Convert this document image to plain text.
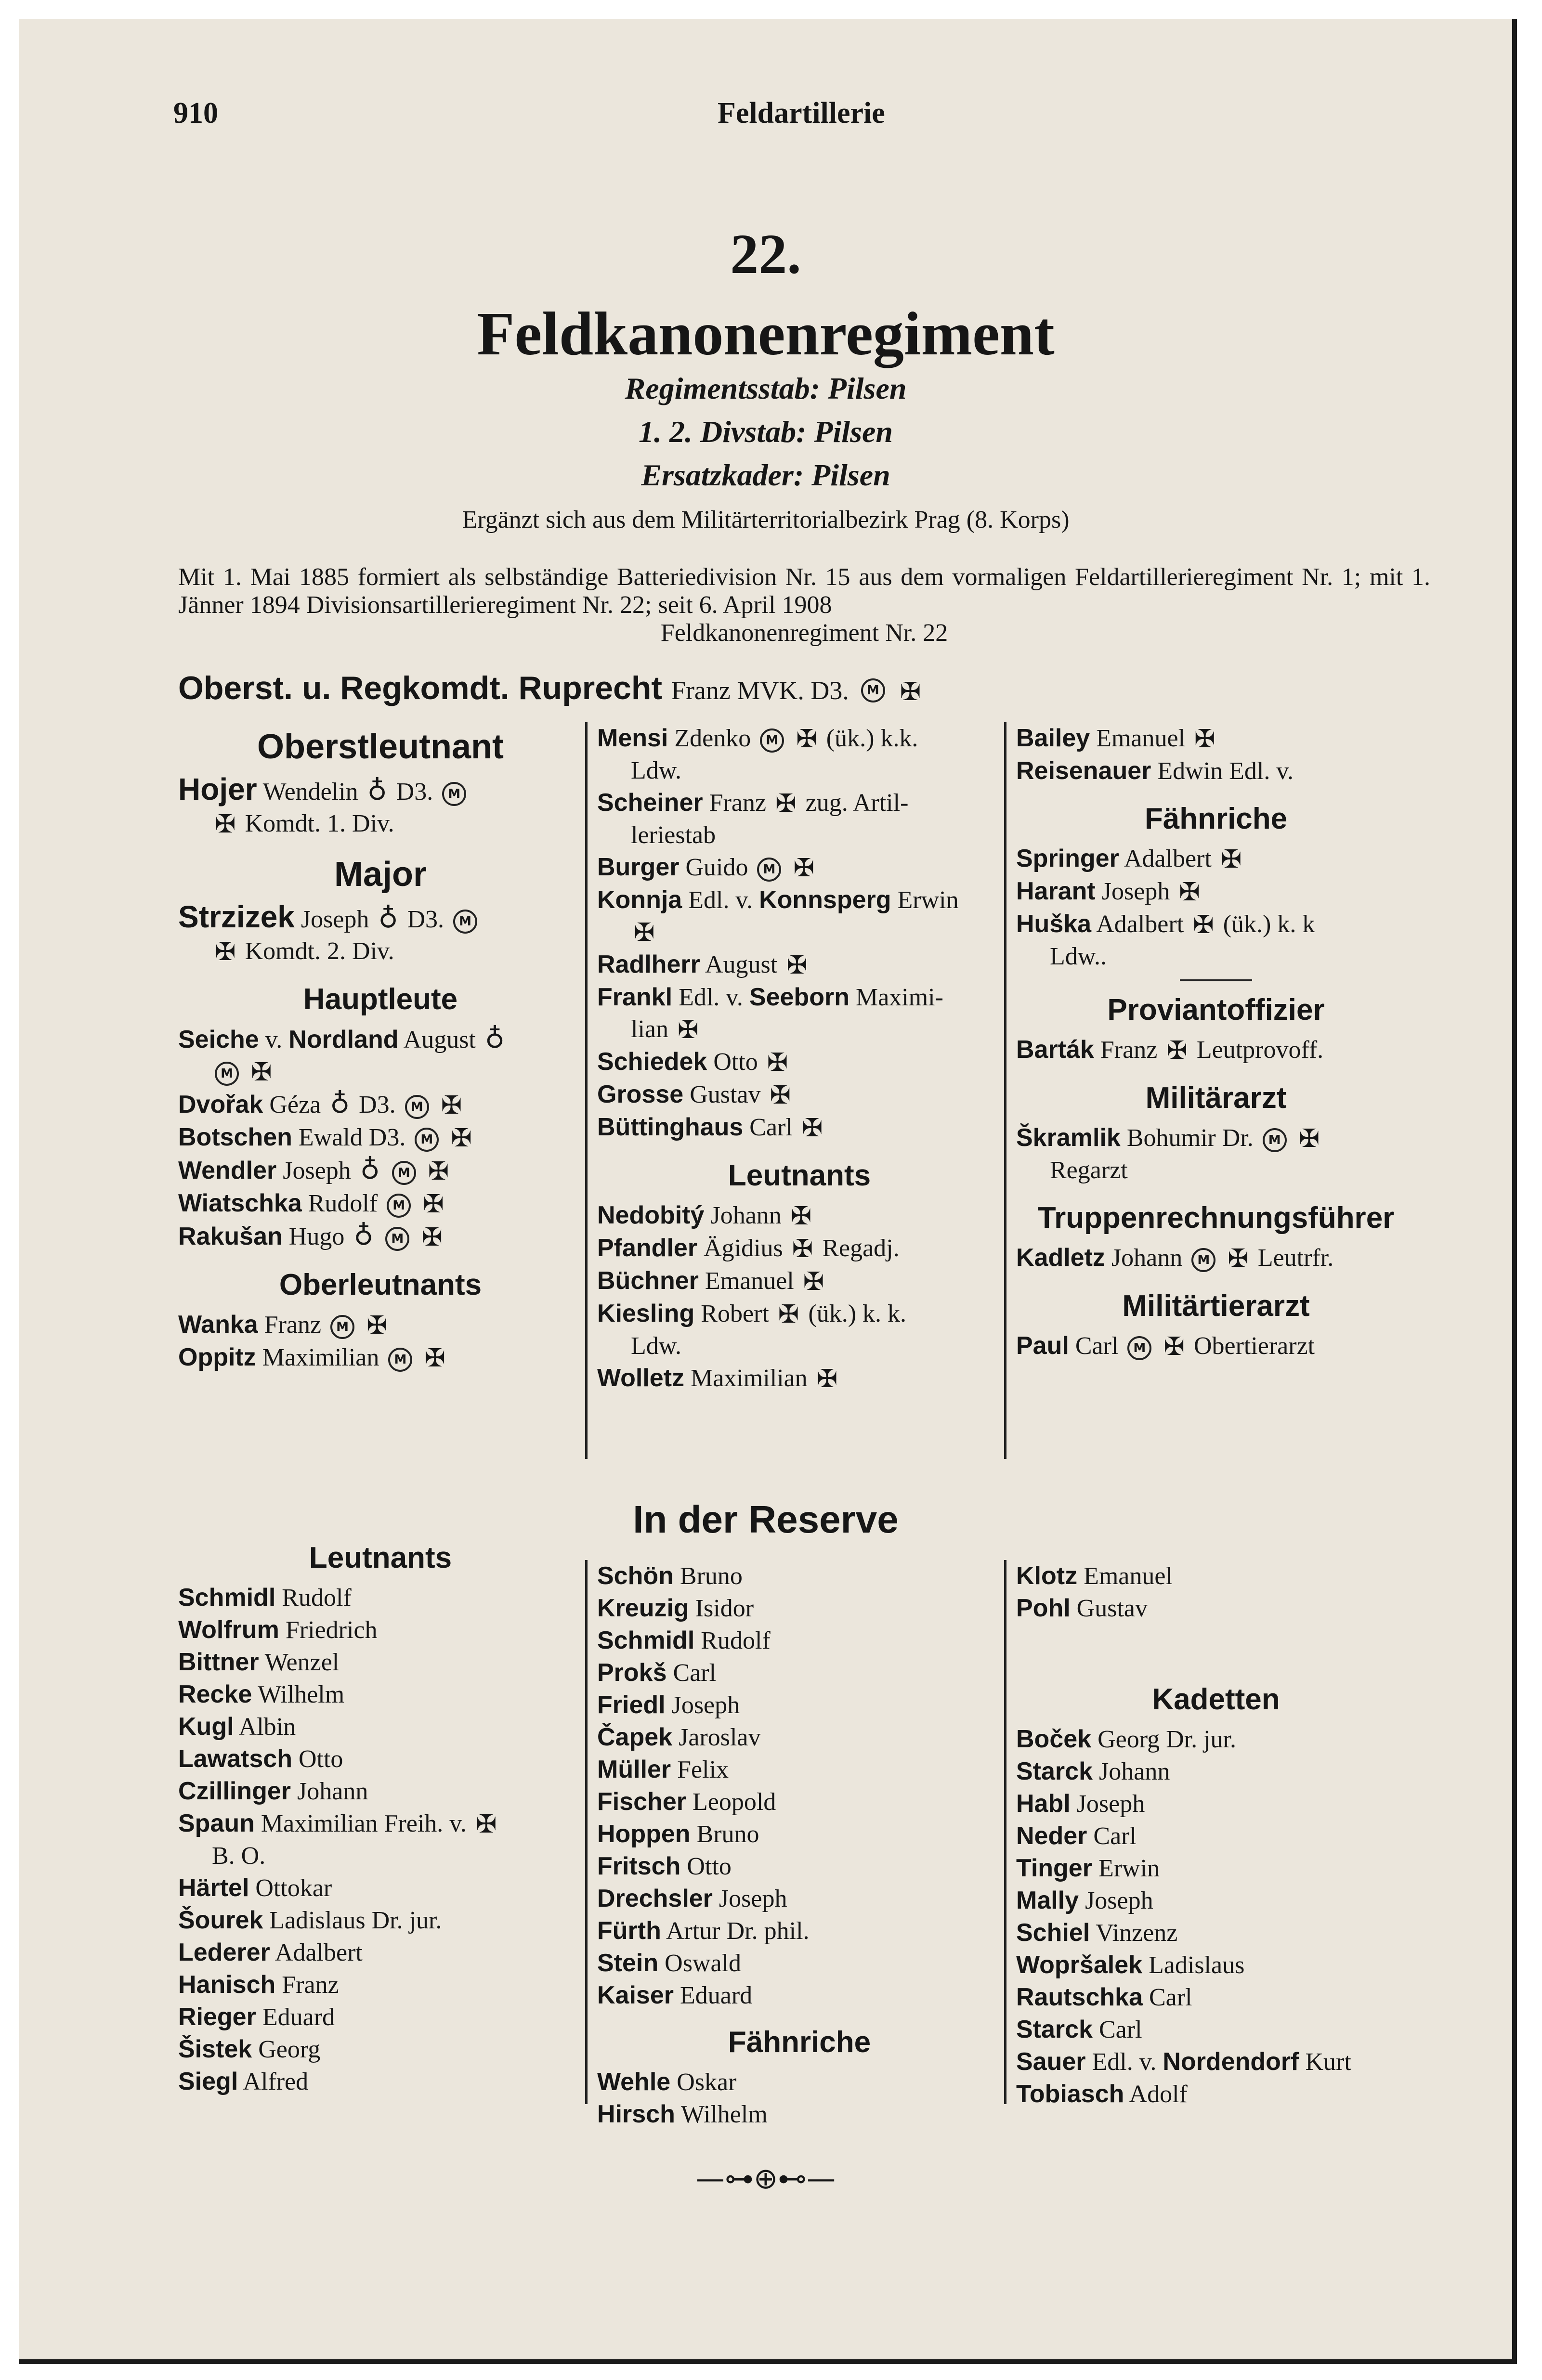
910	Feldartillerie
22.
Feldkanonenregiment
Regimentsstab: Pilsen
1. 2. Divstab: Pilsen
Ersatzkader: Pilsen
Ergänzt sich aus dem Militärterritorialbezirk Prag (8. Korps)
Mit 1. Mai 1885 formiert als selbständige Batteriedivision Nr. 15 aus dem vormaligen Feldartillerieregiment Nr. 1; mit 1. Jänner 1894 Divisionsartillerieregiment Nr. 22; seit 6. April 1908
Feldkanonenregiment Nr. 22
Oberst. u. Regkomdt. Ruprecht Franz MVK. D3. M ✠
Oberstleutnant
Hojer Wendelin ♁ D3. M
✠ Komdt. 1. Div.
Major
Strzizek Joseph ♁ D3. M
✠ Komdt. 2. Div.
Hauptleute
Seiche v. Nordland August ♁
M ✠
Dvořak Géza ♁ D3. M ✠
Botschen Ewald D3. M ✠
Wendler Joseph ♁ M ✠
Wiatschka Rudolf M ✠
Rakušan Hugo ♁ M ✠
Oberleutnants
Wanka Franz M ✠
Oppitz Maximilian M ✠
Mensi Zdenko M ✠ (ük.) k.k.
Ldw.
Scheiner Franz ✠ zug. Artil-
leriestab
Burger Guido M ✠
Konnja Edl. v. Konnsperg Erwin
✠
Radlherr August ✠
Frankl Edl. v. Seeborn Maximi-
lian ✠
Schiedek Otto ✠
Grosse Gustav ✠
Büttinghaus Carl ✠
Leutnants
Nedobitý Johann ✠
Pfandler Ägidius ✠ Regadj.
Büchner Emanuel ✠
Kiesling Robert ✠ (ük.) k. k.
Ldw.
Wolletz Maximilian ✠
Bailey Emanuel ✠
Reisenauer Edwin Edl. v.
Fähnriche
Springer Adalbert ✠
Harant Joseph ✠
Huška Adalbert ✠ (ük.) k. k
Ldw..
Proviantoffizier
Barták Franz ✠ Leutprovoff.
Militärarzt
Škramlik Bohumir Dr. M ✠
Regarzt
Truppenrechnungsführer
Kadletz Johann M ✠ Leutrfr.
Militärtierarzt
Paul Carl M ✠ Obertierarzt
In der Reserve
Leutnants
Schmidl Rudolf
Wolfrum Friedrich
Bittner Wenzel
Recke Wilhelm
Kugl Albin
Lawatsch Otto
Czillinger Johann
Spaun Maximilian Freih. v. ✠
B. O.
Härtel Ottokar
Šourek Ladislaus Dr. jur.
Lederer Adalbert
Hanisch Franz
Rieger Eduard
Šistek Georg
Siegl Alfred
Schön Bruno
Kreuzig Isidor
Schmidl Rudolf
Prokš Carl
Friedl Joseph
Čapek Jaroslav
Müller Felix
Fischer Leopold
Hoppen Bruno
Fritsch Otto
Drechsler Joseph
Fürth Artur Dr. phil.
Stein Oswald
Kaiser Eduard
Fähnriche
Wehle Oskar
Hirsch Wilhelm
Klotz Emanuel
Pohl Gustav
Kadetten
Boček Georg Dr. jur.
Starck Johann
Habl Joseph
Neder Carl
Tinger Erwin
Mally Joseph
Schiel Vinzenz
Wopršalek Ladislaus
Rautschka Carl
Starck Carl
Sauer Edl. v. Nordendorf Kurt
Tobiasch Adolf
—⊶⊕⊷—
